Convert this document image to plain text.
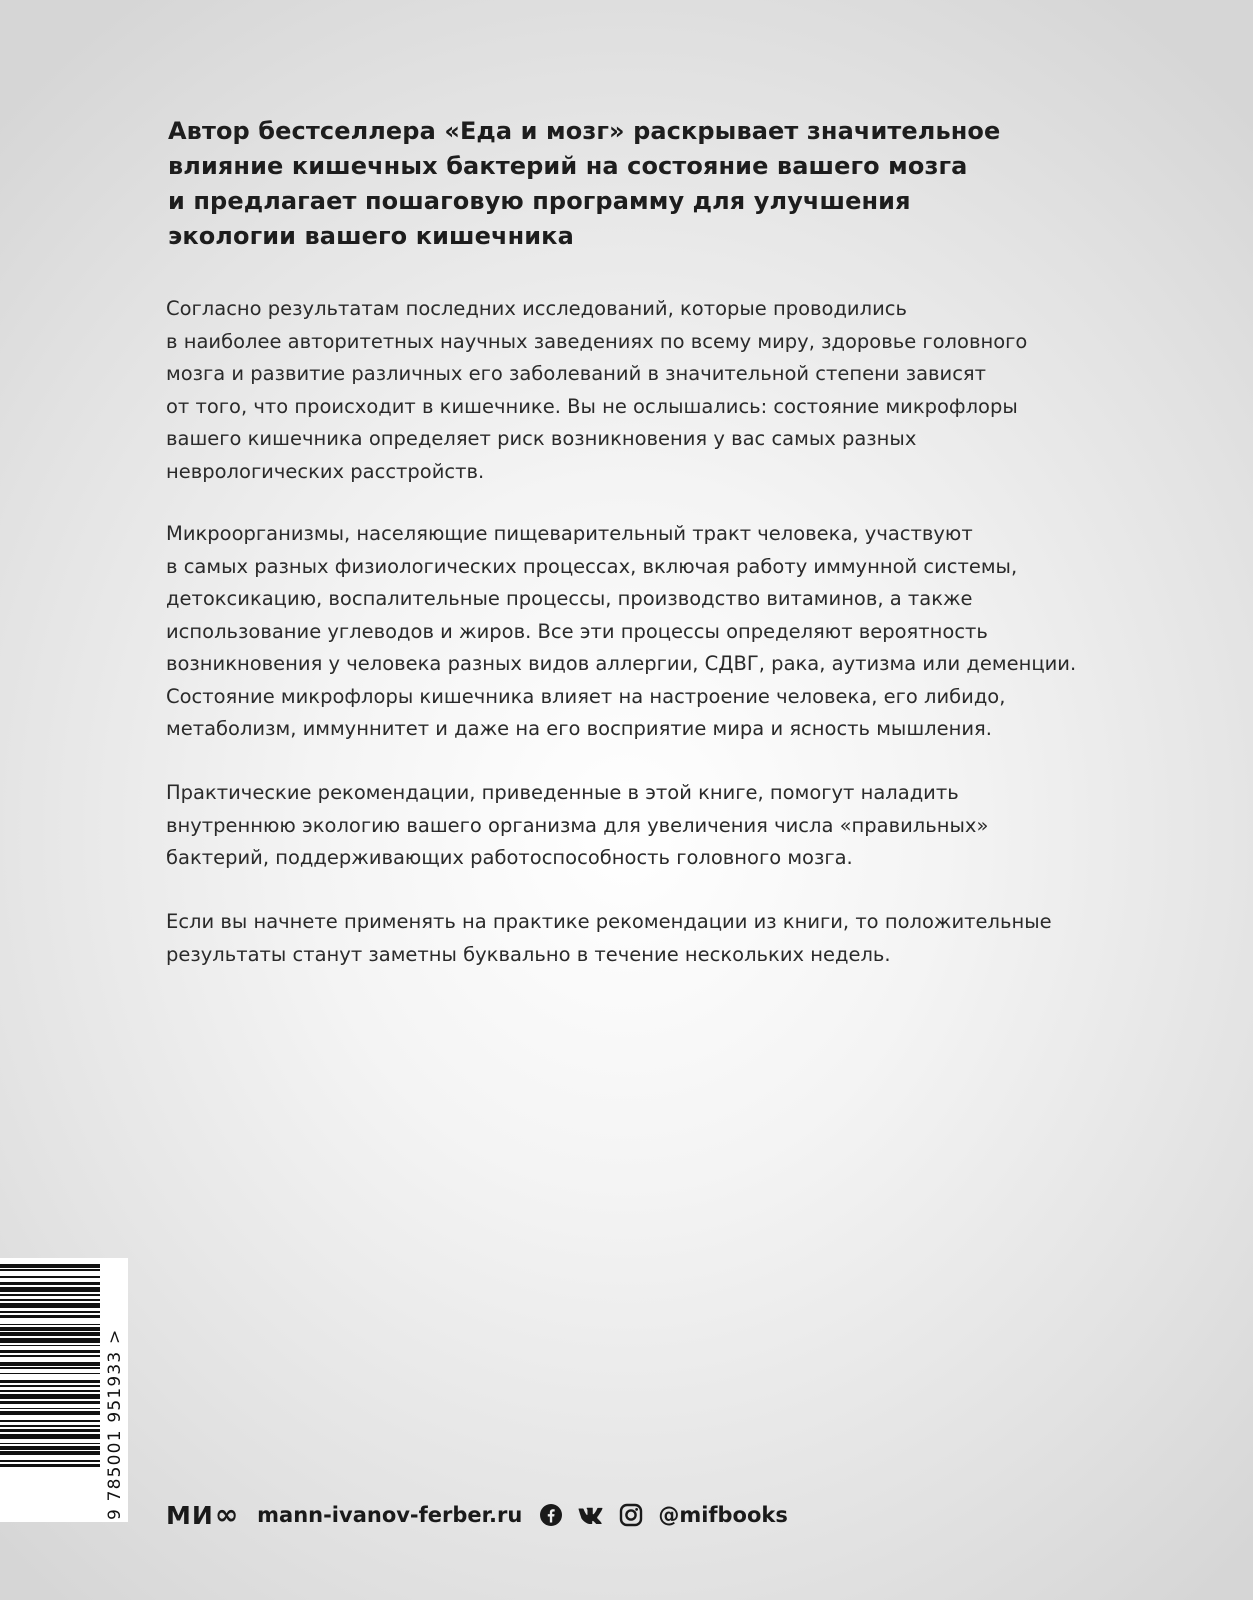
Автор бестселлера «Еда и мозг» раскрывает значительное
влияние кишечных бактерий на состояние вашего мозга
и предлагает пошаговую программу для улучшения
экологии вашего кишечника

Согласно результатам последних исследований, которые проводились
в наиболее авторитетных научных заведениях по всему миру, здоровье головного
мозга и развитие различных его заболеваний в значительной степени зависят
от того, что происходит в кишечнике. Вы не ослышались: состояние микрофлоры
вашего кишечника определяет риск возникновения у вас самых разных
неврологических расстройств.

Микроорганизмы, населяющие пищеварительный тракт человека, участвуют
в самых разных физиологических процессах, включая работу иммунной системы,
детоксикацию, воспалительные процессы, производство витаминов, а также
использование углеводов и жиров. Все эти процессы определяют вероятность
возникновения у человека разных видов аллергии, СДВГ, рака, аутизма или деменции.
Состояние микрофлоры кишечника влияет на настроение человека, его либидо,
метаболизм, иммуннитет и даже на его восприятие мира и ясность мышления.

Практические рекомендации, приведенные в этой книге, помогут наладить
внутреннюю экологию вашего организма для увеличения числа «правильных»
бактерий, поддерживающих работоспособность головного мозга.

Если вы начнете применять на практике рекомендации из книги, то положительные
результаты станут заметны буквально в течение нескольких недель.

9 785001 951933 > МИ ∞ mann-ivanov-ferber.ru	@mifbooks
